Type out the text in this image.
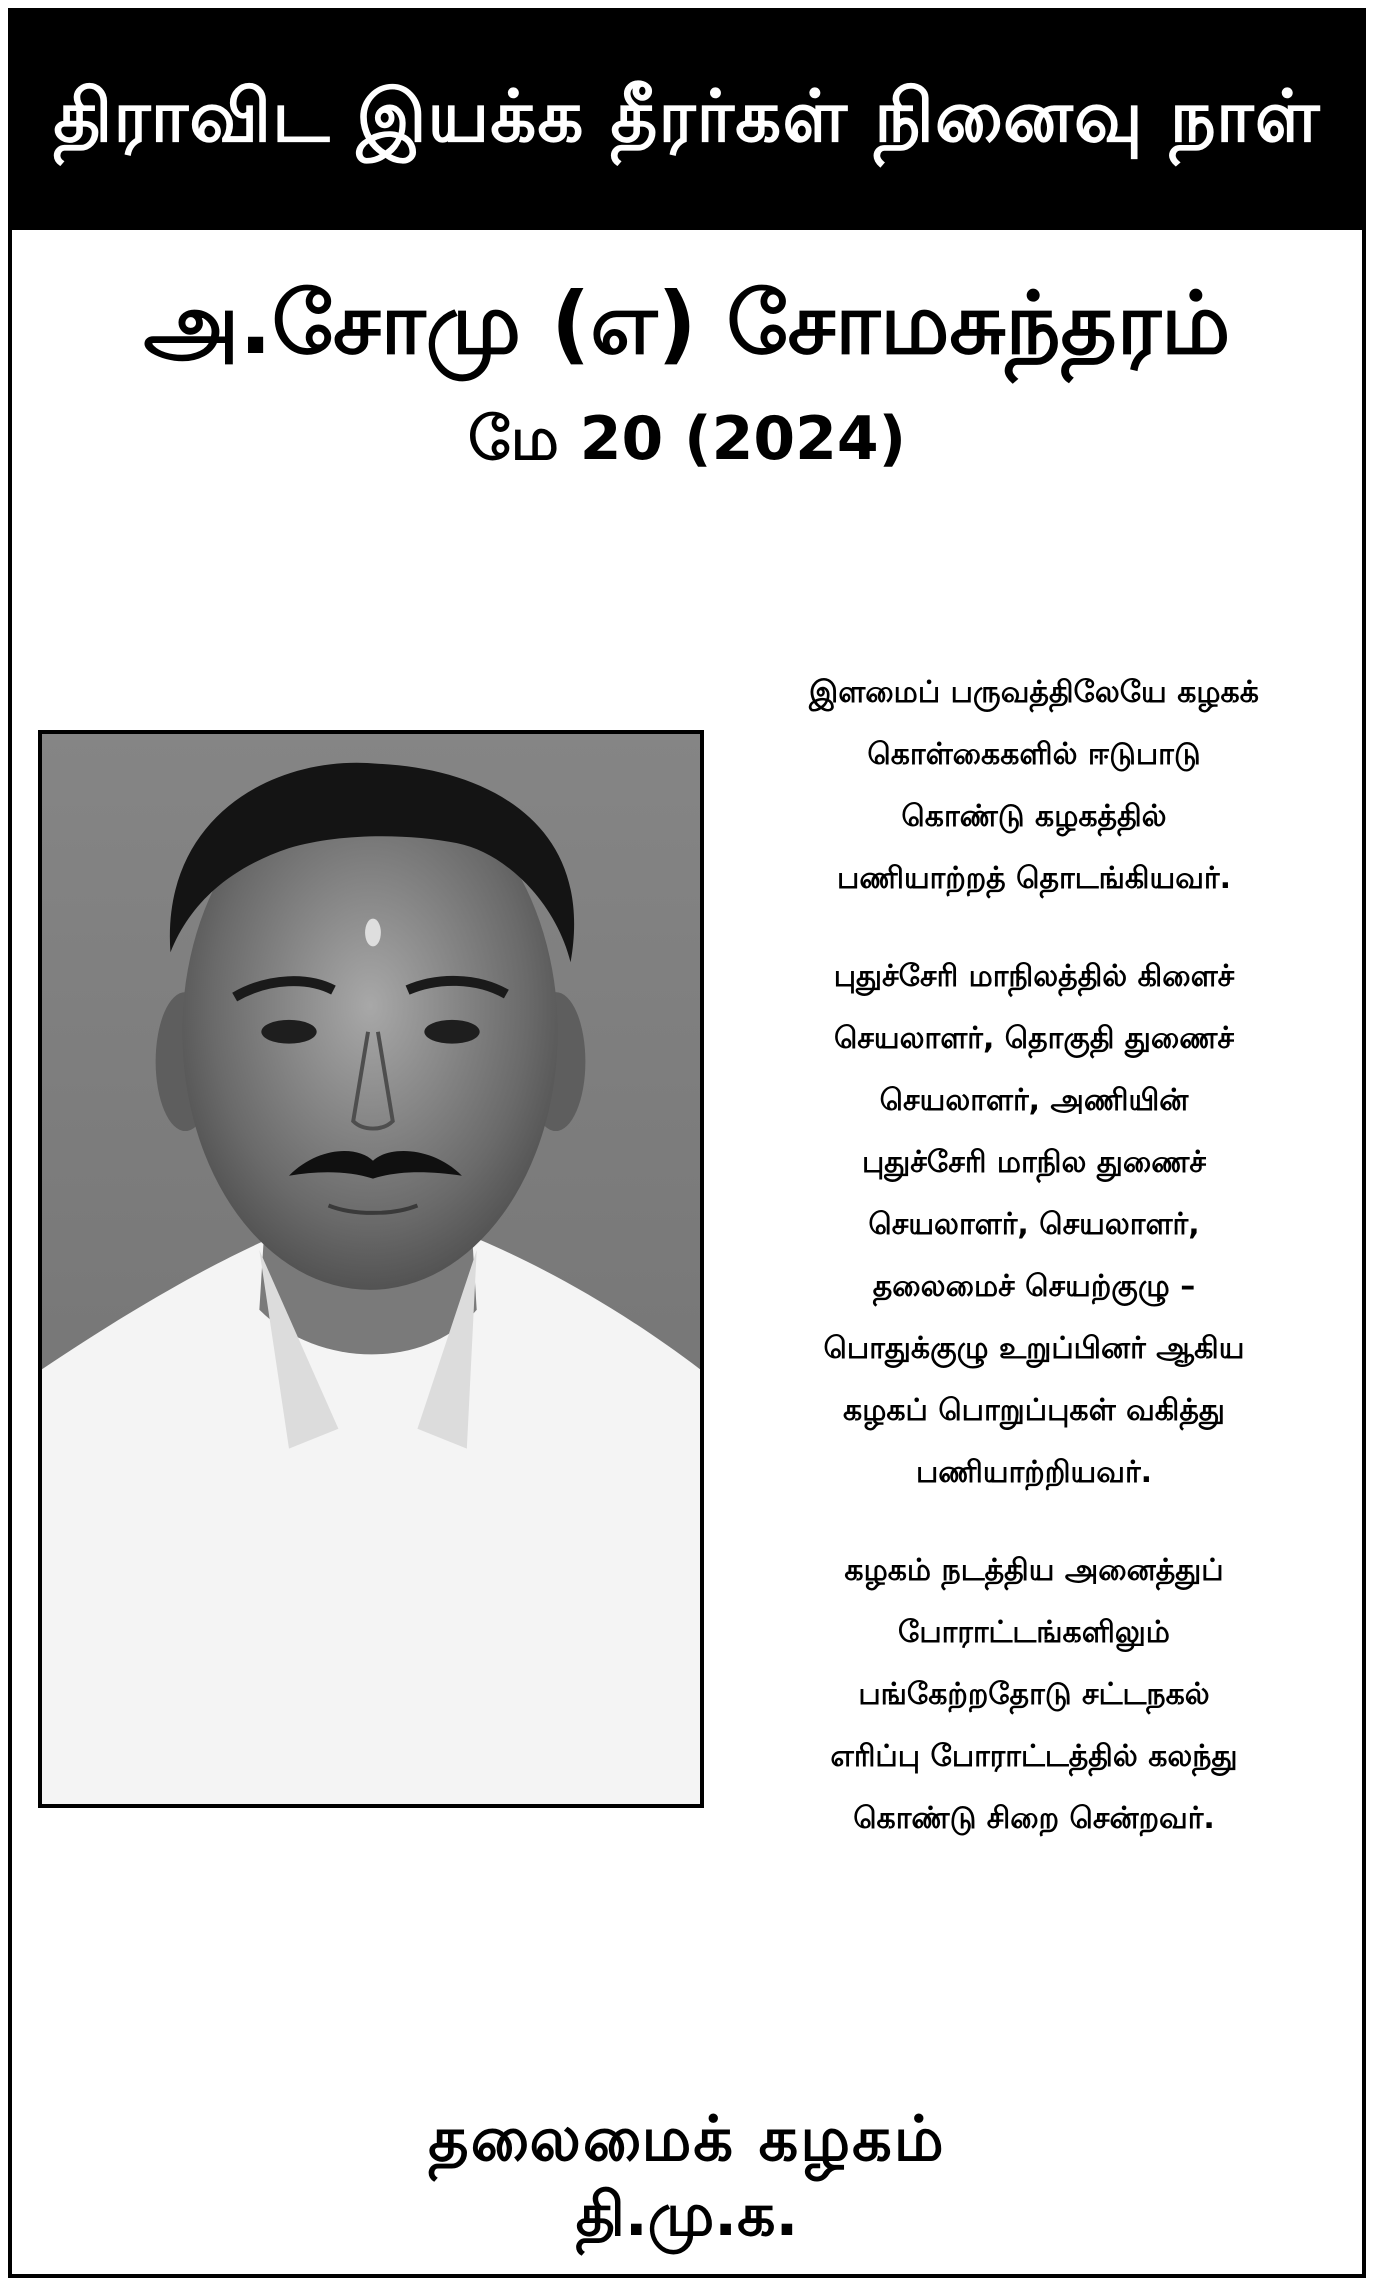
திராவிட இயக்க தீரர்கள் நினைவு நாள்
அ.சோமு (எ) சோமசுந்தரம்
மே 20 (2024)

இளமைப் பருவத்திலேயே கழகக்
கொள்கைகளில் ஈடுபாடு
கொண்டு கழகத்தில்
பணியாற்றத் தொடங்கியவர்.

புதுச்சேரி மாநிலத்தில் கிளைச்
செயலாளர், தொகுதி துணைச்
செயலாளர், அணியின்
புதுச்சேரி மாநில துணைச்
செயலாளர், செயலாளர்,
தலைமைச் செயற்குழு –
பொதுக்குழு உறுப்பினர் ஆகிய
கழகப் பொறுப்புகள் வகித்து
பணியாற்றியவர்.

கழகம் நடத்திய அனைத்துப்
போராட்டங்களிலும்
பங்கேற்றதோடு சட்டநகல்
எரிப்பு போராட்டத்தில் கலந்து
கொண்டு சிறை சென்றவர்.

தலைமைக் கழகம்
தி.மு.க.
